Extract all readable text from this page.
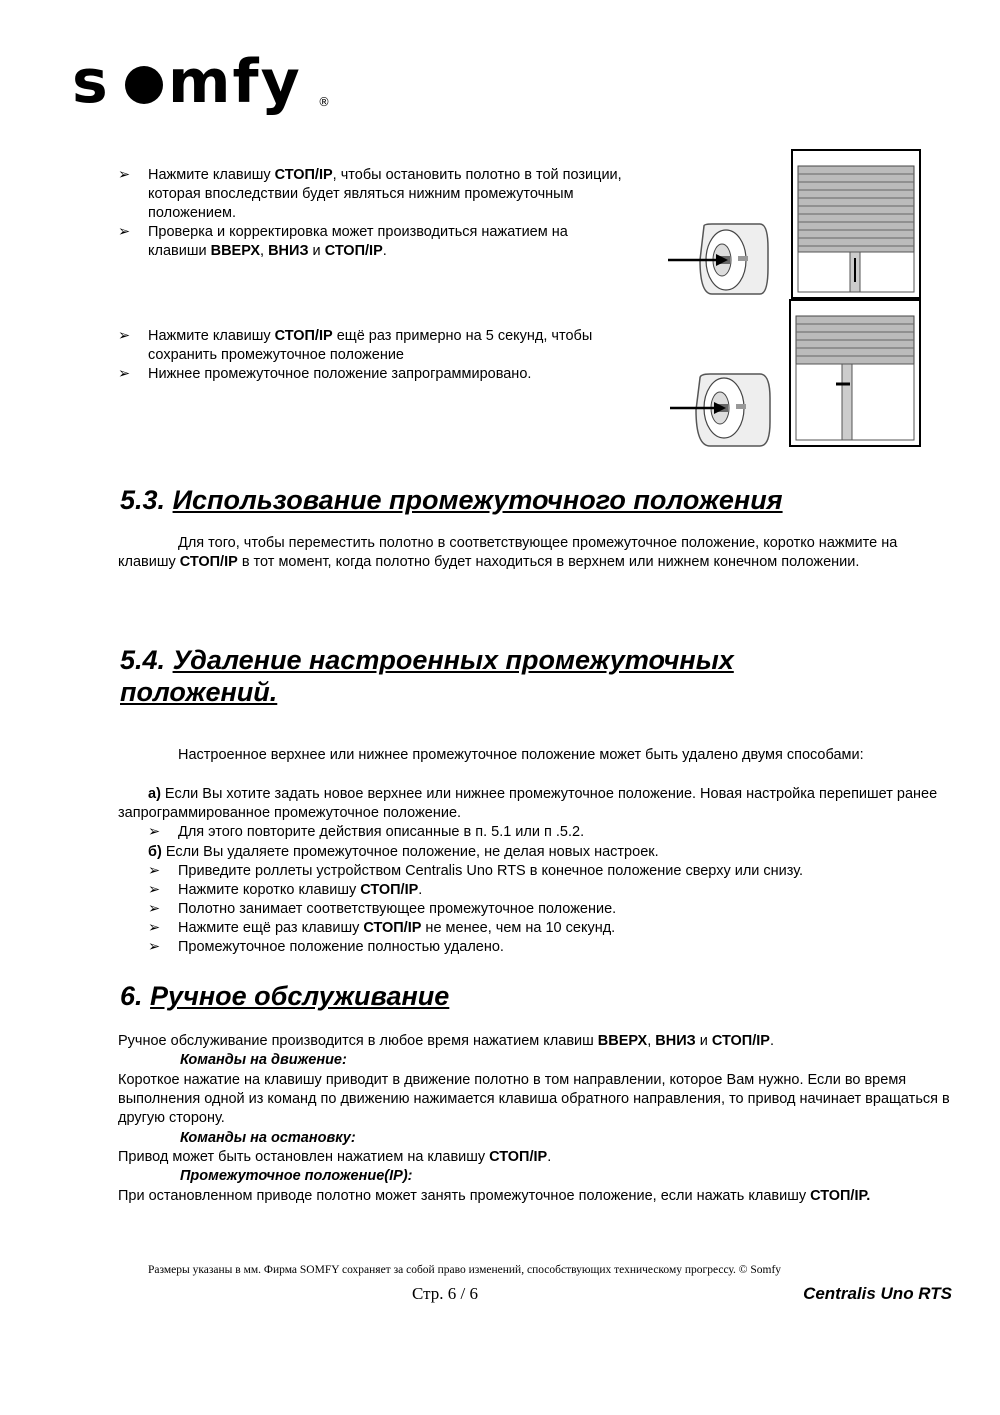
s mfy ®
➢	Нажмите клавишу СТОП/IP, чтобы остановить полотно в той позиции, которая впоследствии будет являться нижним промежуточным положением.
➢	Проверка и корректировка может производиться нажатием на клавиши ВВЕРХ, ВНИЗ и СТОП/IP.
➢	Нажмите клавишу СТОП/IP ещё раз примерно на 5 секунд, чтобы сохранить промежуточное положение
➢	Нижнее промежуточное положение запрограммировано.
5.3. Использование промежуточного положения
Для того, чтобы переместить полотно в соответствующее промежуточное положение, коротко нажмите на клавишу СТОП/IP в тот момент, когда полотно будет находиться в верхнем или нижнем конечном положении.
5.4. Удаление настроенных промежуточных
положений.
Настроенное верхнее или нижнее промежуточное положение может быть удалено двумя способами:
а) Если Вы хотите задать новое верхнее или нижнее промежуточное положение. Новая настройка перепишет ранее запрограммированное промежуточное положение.
➢	Для этого повторите действия описанные в п. 5.1 или п .5.2.
б) Если Вы удаляете промежуточное положение, не делая новых настроек.
➢	Приведите роллеты устройством Centralis Uno RTS в конечное положение сверху или снизу.
➢	Нажмите коротко клавишу СТОП/IP.
➢	Полотно занимает соответствующее промежуточное положение.
➢	Нажмите ещё раз клавишу СТОП/IP не менее, чем на 10 секунд.
➢	Промежуточное положение полностью удалено.
6. Ручное обслуживание
Ручное обслуживание производится в любое время нажатием клавиш ВВЕРХ, ВНИЗ и СТОП/IP.
Команды на движение:
Короткое нажатие на клавишу приводит в движение полотно в том направлении, которое Вам нужно. Если во время выполнения одной из команд по движению нажимается клавиша обратного направления, то привод начинает вращаться в другую сторону.
Команды на остановку:
Привод может быть остановлен нажатием на клавишу СТОП/IP.
Промежуточное положение(IP):
При остановленном приводе полотно может занять промежуточное положение, если нажать клавишу СТОП/IP.
Размеры указаны в мм. Фирма SOMFY сохраняет за собой право изменений, способствующих техническому прогрессу. © Somfy
Стр. 6 / 6	Centralis Uno RTS
